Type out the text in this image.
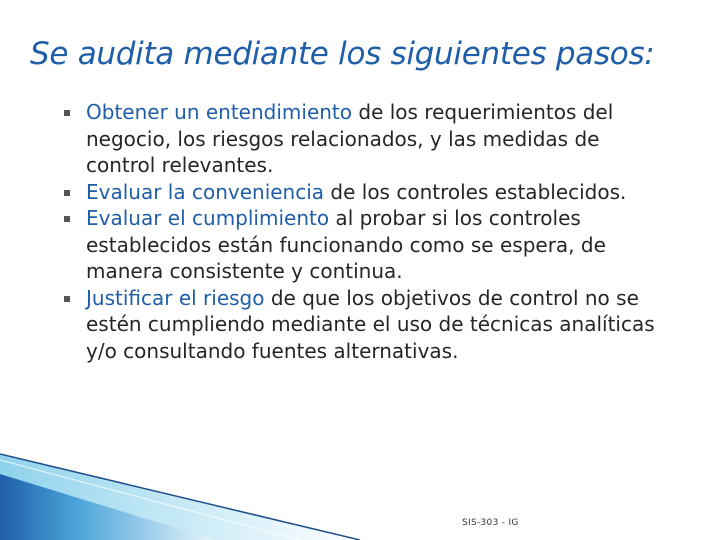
Se audita mediante los siguientes pasos:
Obtener un entendimiento de los requerimientos del negocio, los riesgos relacionados, y las medidas de control relevantes.
Evaluar la conveniencia de los controles establecidos.
Evaluar el cumplimiento al probar si los controles establecidos están funcionando como se espera, de manera consistente y continua.
Justificar el riesgo de que los objetivos de control no se estén cumpliendo mediante el uso de técnicas analíticas y/o consultando fuentes alternativas.
SIS-303 - IG
